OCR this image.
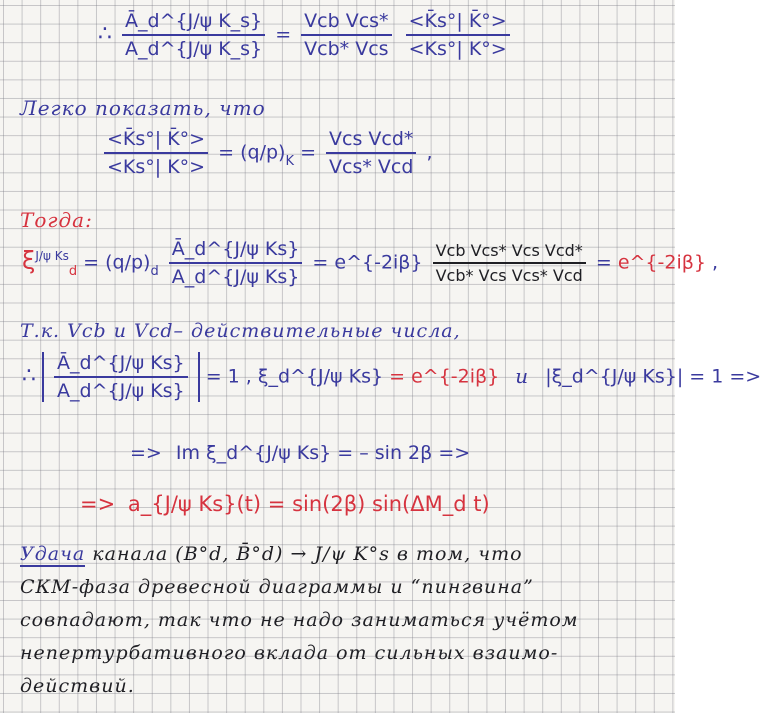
∴ $\frac{\text{Ā\_d\textasciicircum{}\{J/ψ K\_s\}}}{\text{A\_d\textasciicircum{}\{J/ψ K\_s\}}} = \frac{\text{Vcb Vcs*}}{\text{Vcb* Vcs}}$
$\frac{<K̄s^\circ| K̄^\circ>}{<Ks^\circ| K^\circ>}$
Легко показать, что
$\frac{<K̄s^\circ| K̄^\circ>}{<Ks^\circ| K^\circ>} = (q/p)_K = \frac{\text{Vcs Vcd*}}{\text{Vcs* Vcd}}$ ,
Тогда:
$\xi^{J/\psi Ks}_d = (q/p)_d \frac{\text{Ā\_d\textasciicircum{}\{J/ψ Ks\}}}{\text{A\_d\textasciicircum{}\{J/ψ Ks\}}}$ = e^{-2iβ} $\frac{\text{Vcb Vcs* Vcs Vcd*}}{\text{Vcb* Vcs Vcs* Vcd}}$ = e^{-2iβ} ,
Т.к. Vcb и Vcd– действительные числа,
∴ $\frac{\text{Ā\_d\textasciicircum{}\{J/ψ Ks\}}}{\text{A\_d\textasciicircum{}\{J/ψ Ks\}}} = 1$ , ξ_d^{J/ψ Ks} = e^{-2iβ} и |ξ_d^{J/ψ Ks}| = 1 =>
=> Im ξ_d^{J/ψ Ks} = – sin 2β =>
=> a_{J/ψ Ks}(t) = sin(2β) sin(ΔM_d t)
Удача канала (B°d, B̄°d) → J/ψ K°s в том, что
СКМ-фаза древесной диаграммы и “пингвина”
совпадают, так что не надо заниматься учётом
непертурбативного вклада от сильных взаимо-
действий.
